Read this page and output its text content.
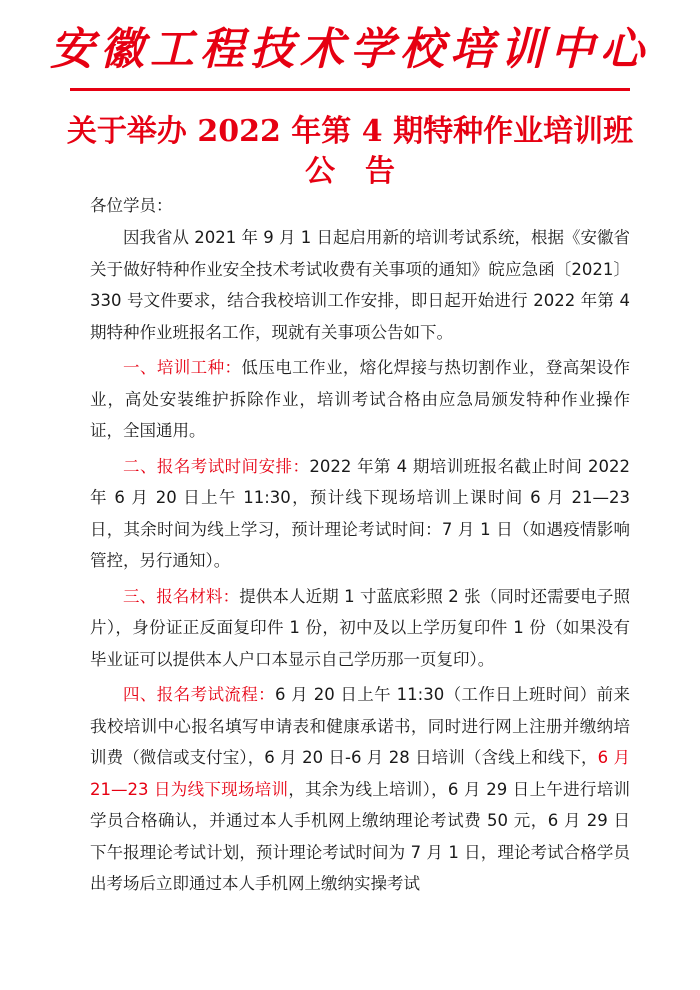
安徽工程技术学校培训中心
关于举办 2022 年第 4 期特种作业培训班
公告
各位学员：

因我省从 2021 年 9 月 1 日起启用新的培训考试系统，根据《安徽省关于做好特种作业安全技术考试收费有关事项的通知》皖应急函〔2021〕330 号文件要求，结合我校培训工作安排，即日起开始进行 2022 年第 4 期特种作业班报名工作，现就有关事项公告如下。

一、培训工种：低压电工作业，熔化焊接与热切割作业，登高架设作业，高处安装维护拆除作业，培训考试合格由应急局颁发特种作业操作证，全国通用。

二、报名考试时间安排：2022 年第 4 期培训班报名截止时间 2022 年 6 月 20 日上午 11:30，预计线下现场培训上课时间 6 月 21—23 日，其余时间为线上学习，预计理论考试时间：7 月 1 日（如遇疫情影响管控，另行通知）。

三、报名材料：提供本人近期 1 寸蓝底彩照 2 张（同时还需要电子照片），身份证正反面复印件 1 份，初中及以上学历复印件 1 份（如果没有毕业证可以提供本人户口本显示自己学历那一页复印）。

四、报名考试流程：6 月 20 日上午 11:30（工作日上班时间）前来我校培训中心报名填写申请表和健康承诺书，同时进行网上注册并缴纳培训费（微信或支付宝），6 月 20 日-6 月 28 日培训（含线上和线下，6 月 21—23 日为线下现场培训，其余为线上培训），6 月 29 日上午进行培训学员合格确认，并通过本人手机网上缴纳理论考试费 50 元，6 月 29 日下午报理论考试计划，预计理论考试时间为 7 月 1 日，理论考试合格学员出考场后立即通过本人手机网上缴纳实操考试
